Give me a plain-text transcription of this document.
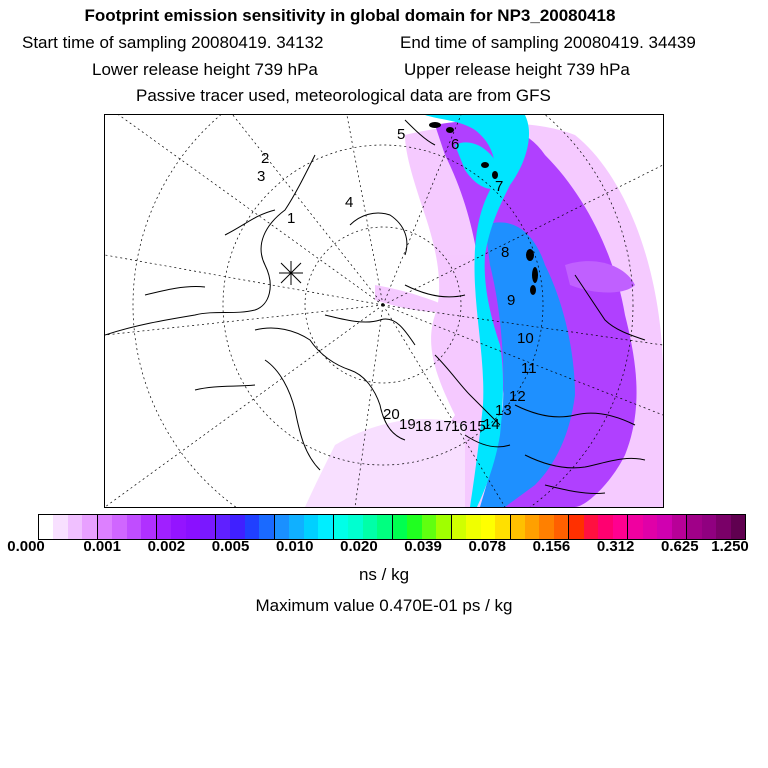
Footprint emission sensitivity in global domain for NP3_20080418
Start time of sampling 20080419. 34132	End time of sampling 20080419. 34439
Lower release height 739 hPa	Upper release height 739 hPa
Passive tracer used, meteorological data are from GFS
1
2
3
4
5
6
7
8
9
10
11
12
13
14
15
16
17
18
19
20
0.000	0.001 0.002 0.005 0.010 0.020 0.039 0.078 0.156 0.312 0.625 1.250
ns / kg
Maximum value 0.470E-01 ps / kg
